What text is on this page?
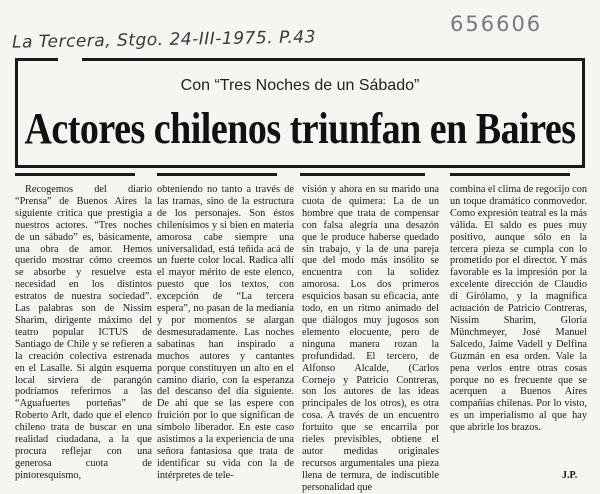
La Tercera, Stgo. 24-III-1975. P.43
656606
Con “Tres Noches de un Sábado”
Actores chilenos triunfan en Baires

Recogemos del diario “Prensa” de Buenos Aires la siguiente crítica que prestigia a nuestros actores. “Tres noches de un sábado” es, básicamente, una obra de amor. Hemos querido mostrar cómo creemos se absorbe y resuelve esta necesidad en los distintos estratos de nuestra sociedad”. Las palabras son de Nissim Sharim, dirigente máximo del teatro popular ICTUS de Santiago de Chile y se refieren a la creación colectiva estrenada en el Lasalle. Si algún esquema local sirviera de parangón podríamos referirnos a las “Aguafuertes porteñas” de Roberto Arlt, dado que el elenco chileno trata de buscar en una realidad ciudadana, a la que procura reflejar con una generosa cuota de pintoresquismo,

obteniendo no tanto a través de las tramas, sino de la estructura de los personajes. Son éstos chilenísimos y si bien en materia amorosa cabe siempre una universalidad, está teñida acá de un fuerte color local. Radica allí el mayor mérito de este elenco, puesto que los textos, con excepción de “La tercera espera”, no pasan de la medianía y por momentos se alargan desmesuradamente. Las noches sabatinas han inspirado a muchos autores y cantantes porque constituyen un alto en el camino diario, con la esperanza del descanso del día siguiente. De ahí que se las espere con fruición por lo que significan de símbolo liberador. En este caso asistimos a la experiencia de una señora fantasiosa que trata de identificar su vida con la de intérpretes de tele-

visión y ahora en su marido una cuota de quimera: La de un hombre que trata de compensar con falsa alegría una desazón que le produce haberse quedado sin trabajo, y la de una pareja que del modo más insólito se encuentra con la solidez amorosa. Los dos primeros esquicios basan su eficacia, ante todo, en un ritmo animado del que diálogos muy jugosos son elemento elocuente, pero de ninguna manera rozan la profundidad. El tercero, de Alfonso Alcalde, (Carlos Cornejo y Patricio Contreras, son los autores de las ideas principales de los otros), es otra cosa. A través de un encuentro fortuito que se encarrila por rieles previsibles, obtiene el autor medidas originales recursos argumentales una pieza llena de ternura, de indiscutible personalidad que

combina el clima de regocijo con un toque dramático conmovedor. Como expresión teatral es la más válida. El saldo es pues muy positivo, aunque sólo en la tercera pieza se cumpla con lo prometido por el director. Y más favorable es la impresión por la excelente dirección de Claudio di Girólamo, y la magnífica actuación de Patricio Contreras, Nissim Sharim, Gloria Münchmeyer, José Manuel Salcedo, Jaime Vadell y Delfina Guzmán en esa orden. Vale la pena verlos entre otras cosas porque no es frecuente que se acerquen a Buenos Aires compañías chilenas. Por lo visto, es un imperialismo al que hay que abrirle los brazos.

J.P.
